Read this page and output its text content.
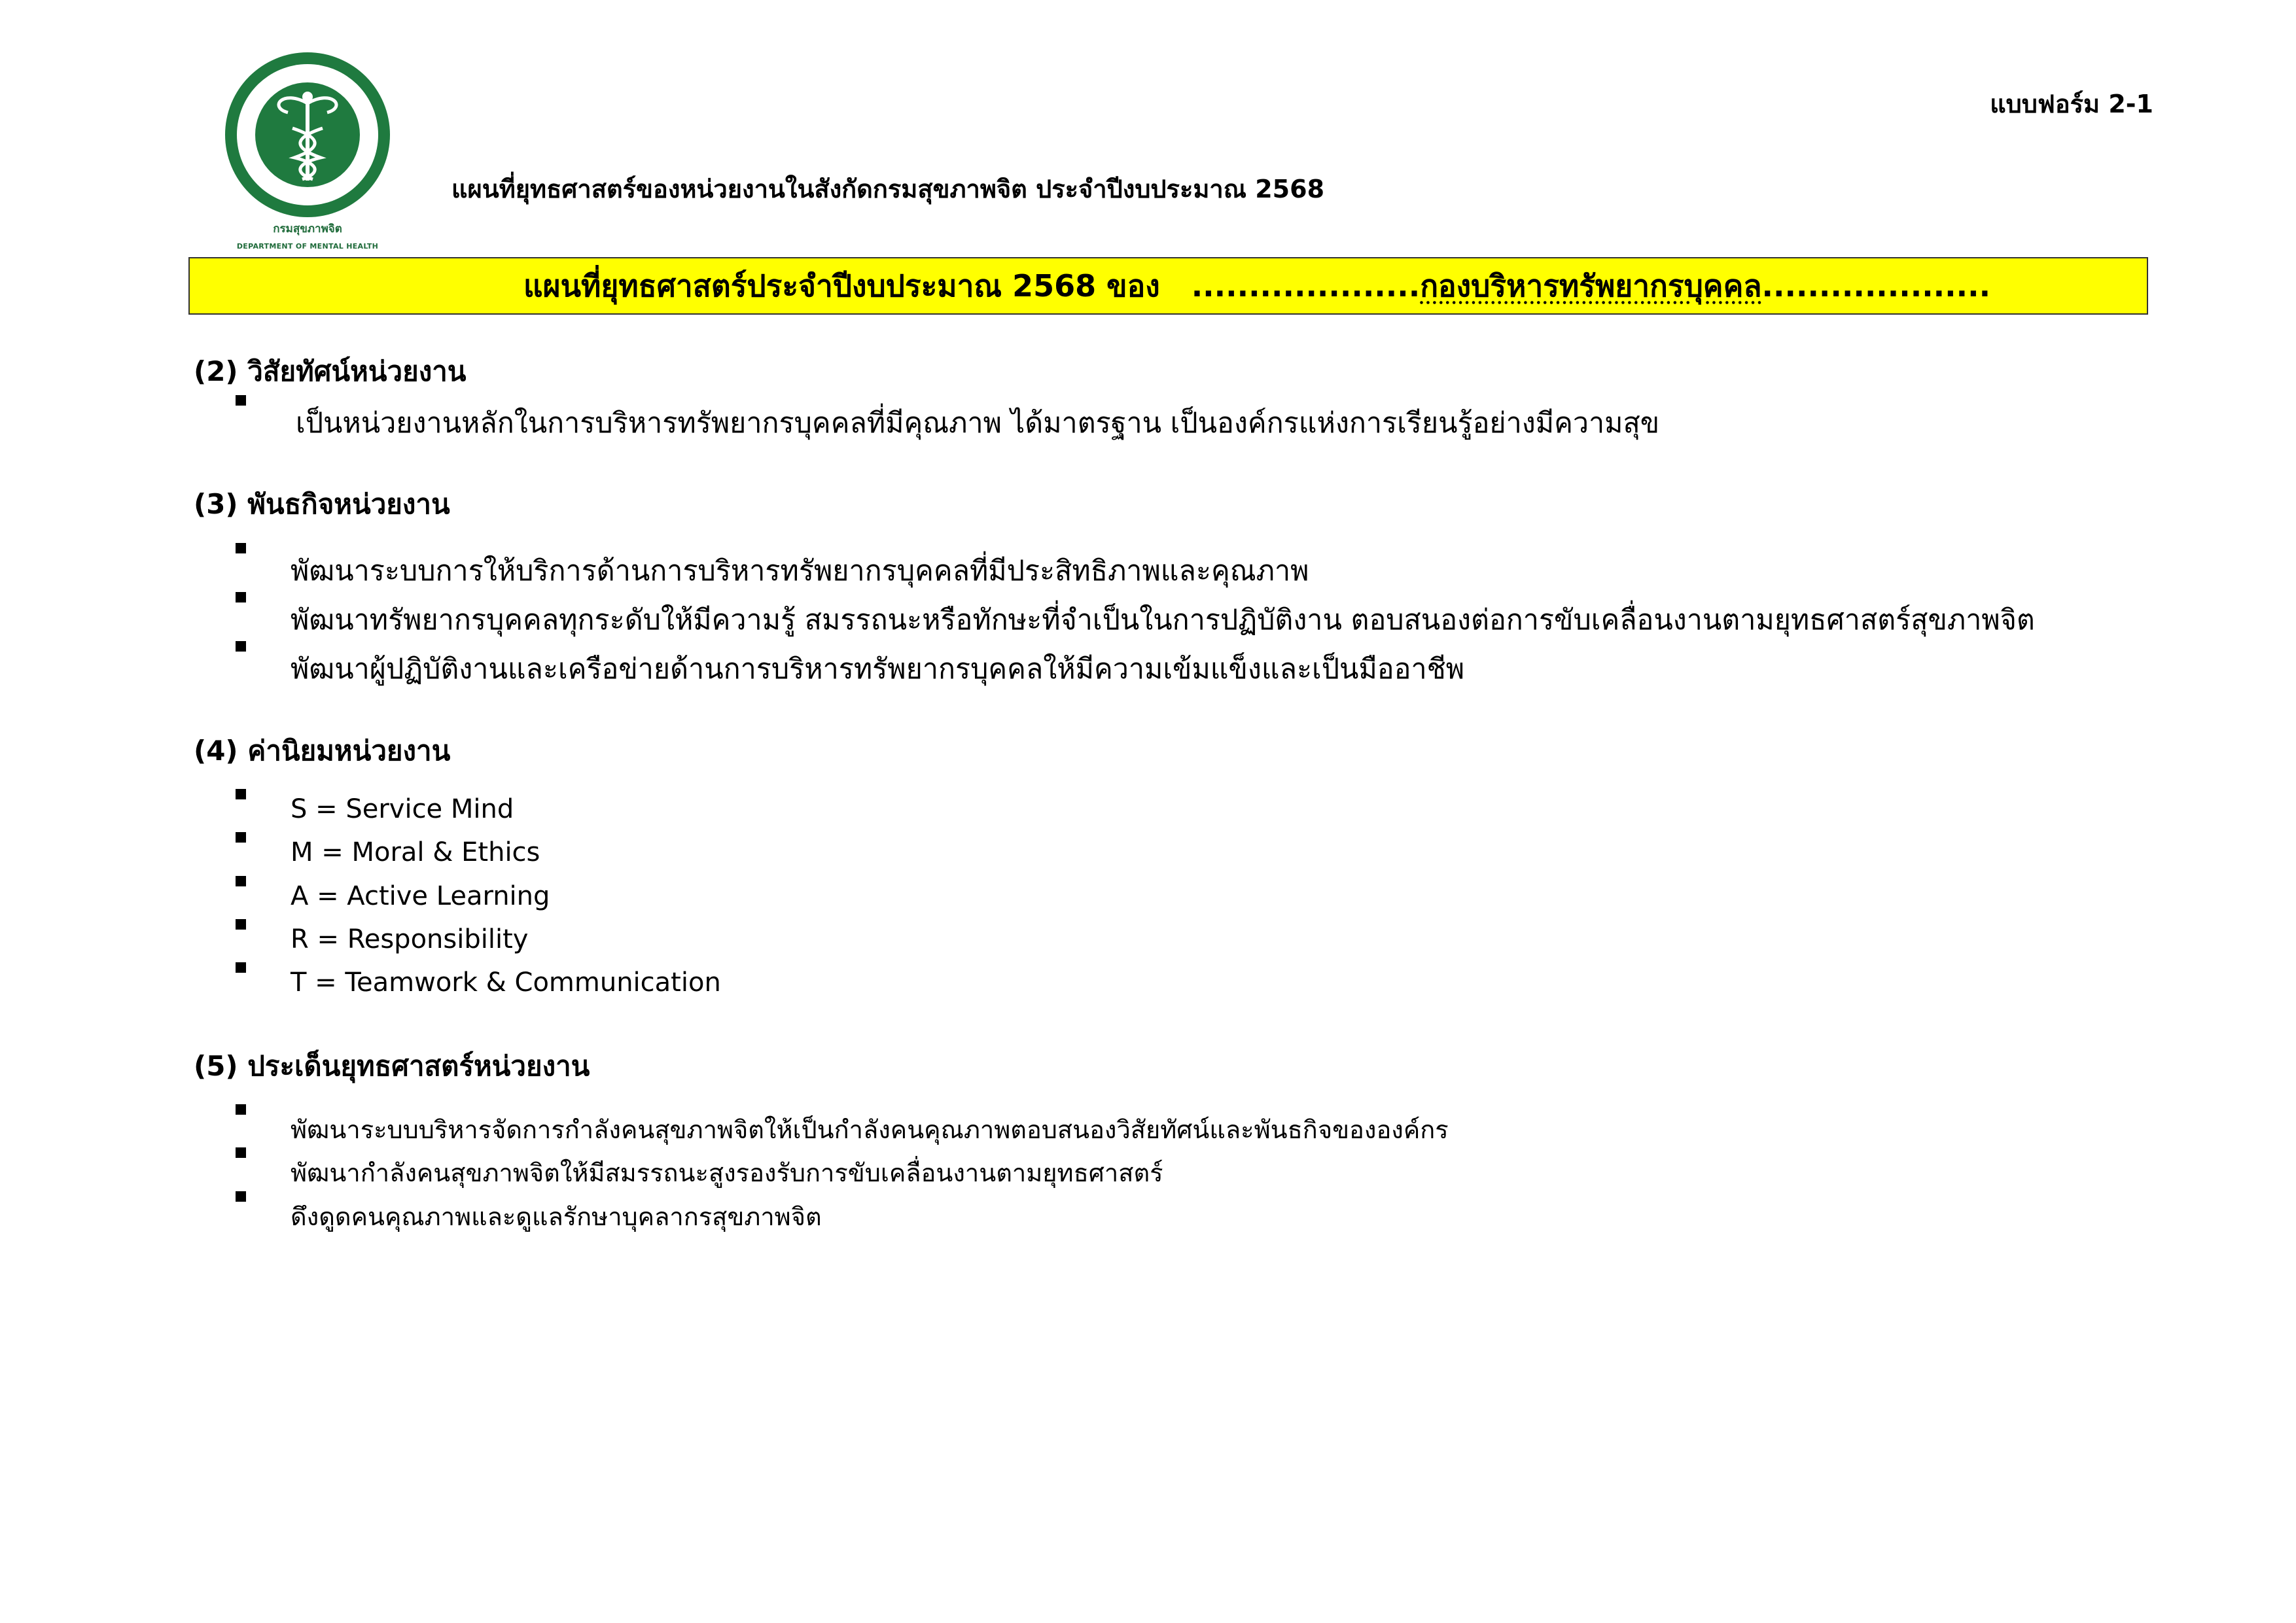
กรมสุขภาพจิต
DEPARTMENT OF MENTAL HEALTH
แบบฟอร์ม 2-1
แผนที่ยุทธศาสตร์ของหน่วยงานในสังกัดกรมสุขภาพจิต ประจำปีงบประมาณ 2568
แผนที่ยุทธศาสตร์ประจำปีงบประมาณ 2568 ของ ....................กองบริหารทรัพยากรบุคคล....................
(2) วิสัยทัศน์หน่วยงาน
เป็นหน่วยงานหลักในการบริหารทรัพยากรบุคคลที่มีคุณภาพ ได้มาตรฐาน เป็นองค์กรแห่งการเรียนรู้อย่างมีความสุข
(3) พันธกิจหน่วยงาน
พัฒนาระบบการให้บริการด้านการบริหารทรัพยากรบุคคลที่มีประสิทธิภาพและคุณภาพ
พัฒนาทรัพยากรบุคคลทุกระดับให้มีความรู้ สมรรถนะหรือทักษะที่จำเป็นในการปฏิบัติงาน ตอบสนองต่อการขับเคลื่อนงานตามยุทธศาสตร์สุขภาพจิต
พัฒนาผู้ปฏิบัติงานและเครือข่ายด้านการบริหารทรัพยากรบุคคลให้มีความเข้มแข็งและเป็นมืออาชีพ
(4) ค่านิยมหน่วยงาน
S = Service Mind
M = Moral & Ethics
A = Active Learning
R = Responsibility
T = Teamwork & Communication
(5) ประเด็นยุทธศาสตร์หน่วยงาน
พัฒนาระบบบริหารจัดการกำลังคนสุขภาพจิตให้เป็นกำลังคนคุณภาพตอบสนองวิสัยทัศน์และพันธกิจขององค์กร
พัฒนากำลังคนสุขภาพจิตให้มีสมรรถนะสูงรองรับการขับเคลื่อนงานตามยุทธศาสตร์
ดึงดูดคนคุณภาพและดูแลรักษาบุคลากรสุขภาพจิต
